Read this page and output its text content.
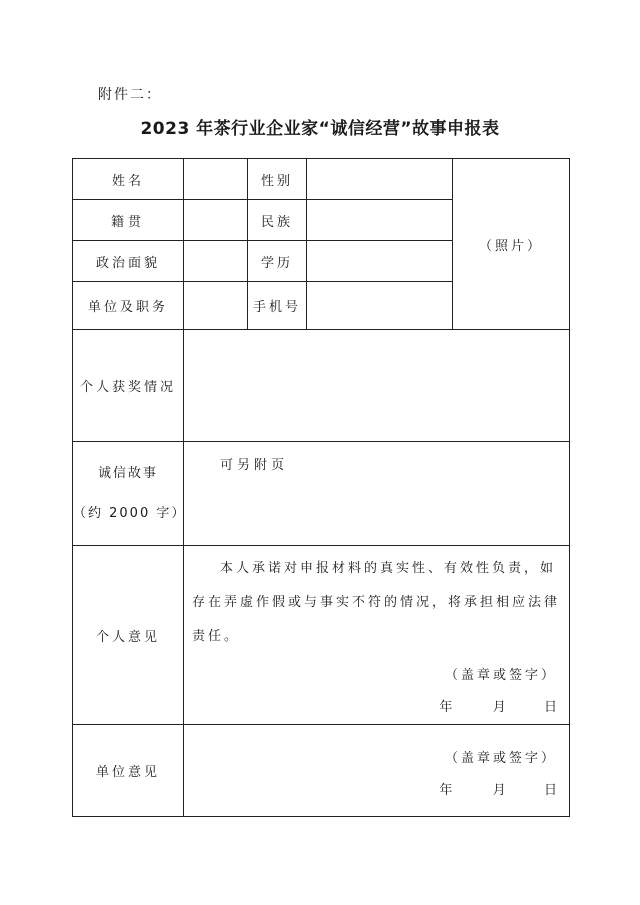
附件二：
2023 年茶行业企业家“诚信经营”故事申报表
姓名		性别		（照片）
籍贯		民族		
政治面貌		学历		
单位及职务		手机号		
个人获奖情况				

诚信故事
（约 2000 字）	可另附页			

个人意见	本人承诺对申报材料的真实性、有效性负责，如存在弄虚作假或与事实不符的情况，将承担相应法律责任。
（盖章或签字）
年 月 日			

单位意见	（盖章或签字）
年 月 日			
